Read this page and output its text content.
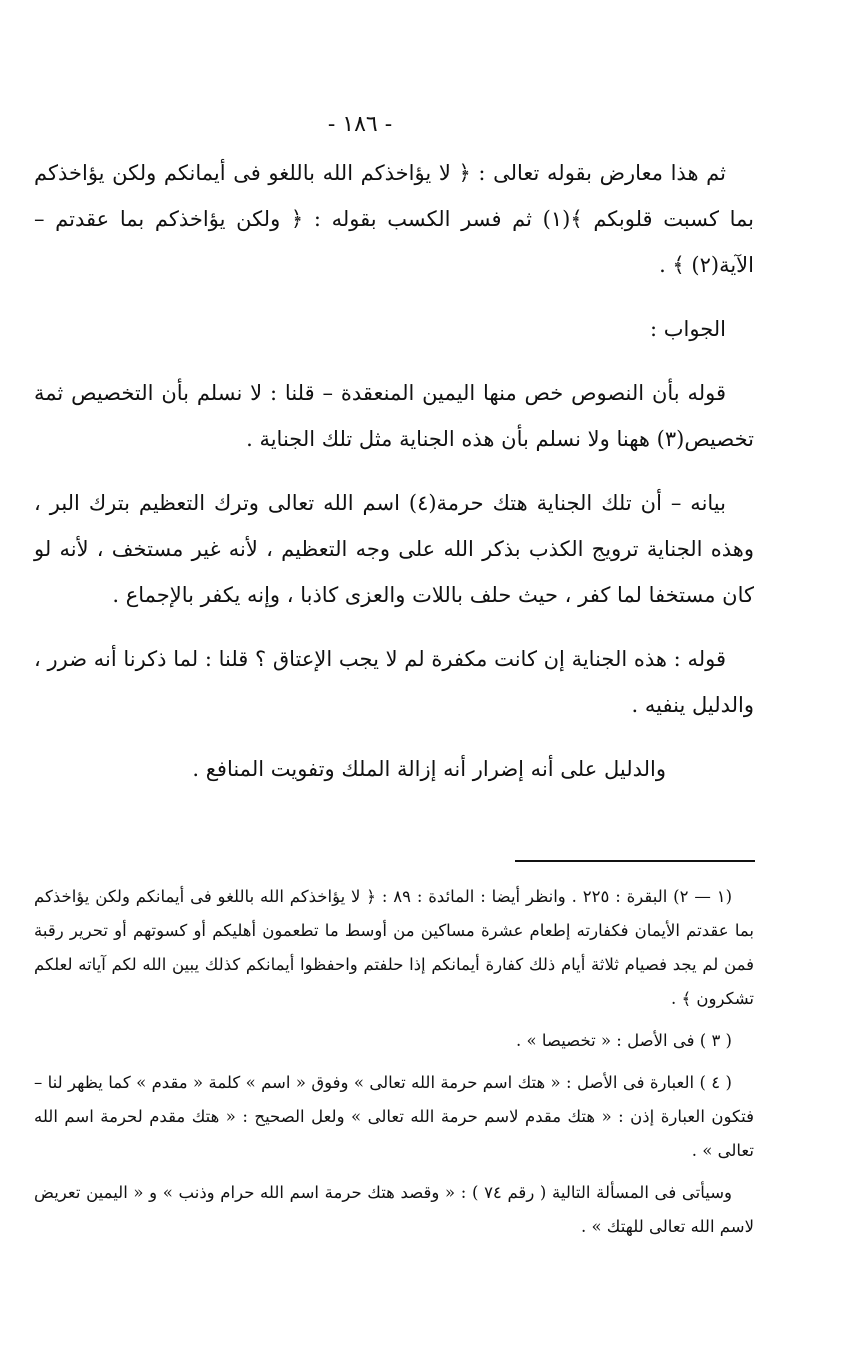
- ١٨٦ -

ثم هذا معارض بقوله تعالى : ﴿ لا يؤاخذكم الله باللغو فى أيمانكم ولكن يؤاخذكم بما كسبت قلوبكم ﴾(١) ثم فسر الكسب بقوله : ﴿ ولكن يؤاخذكم بما عقدتم – الآية(٢) ﴾ .

الجواب :

قوله بأن النصوص خص منها اليمين المنعقدة – قلنا : لا نسلم بأن التخصيص ثمة تخصيص(٣) ههنا ولا نسلم بأن هذه الجناية مثل تلك الجناية .

بيانه – أن تلك الجناية هتك حرمة(٤) اسم الله تعالى وترك التعظيم بترك البر ، وهذه الجناية ترويج الكذب بذكر الله على وجه التعظيم ، لأنه غير مستخف ، لأنه لو كان مستخفا لما كفر ، حيث حلف باللات والعزى كاذبا ، وإنه يكفر بالإجماع .

قوله : هذه الجناية إن كانت مكفرة لم لا يجب الإعتاق ؟ قلنا : لما ذكرنا أنه ضرر ، والدليل ينفيه .

والدليل على أنه إضرار أنه إزالة الملك وتفويت المنافع .

(١ — ٢) البقرة : ٢٢٥ . وانظر أيضا : المائدة : ٨٩ : ﴿ لا يؤاخذكم الله باللغو فى أيمانكم ولكن يؤاخذكم بما عقدتم الأيمان فكفارته إطعام عشرة مساكين من أوسط ما تطعمون أهليكم أو كسوتهم أو تحرير رقبة فمن لم يجد فصيام ثلاثة أيام ذلك كفارة أيمانكم إذا حلفتم واحفظوا أيمانكم كذلك يبين الله لكم آياته لعلكم تشكرون ﴾ .

( ٣ ) فى الأصل : « تخصيصا » .

( ٤ ) العبارة فى الأصل : « هتك اسم حرمة الله تعالى » وفوق « اسم » كلمة « مقدم » كما يظهر لنا – فتكون العبارة إذن : « هتك مقدم لاسم حرمة الله تعالى » ولعل الصحيح : « هتك مقدم لحرمة اسم الله تعالى » .

وسيأتى فى المسألة التالية ( رقم ٧٤ ) : « وقصد هتك حرمة اسم الله حرام وذنب » و « اليمين تعريض لاسم الله تعالى للهتك » .
